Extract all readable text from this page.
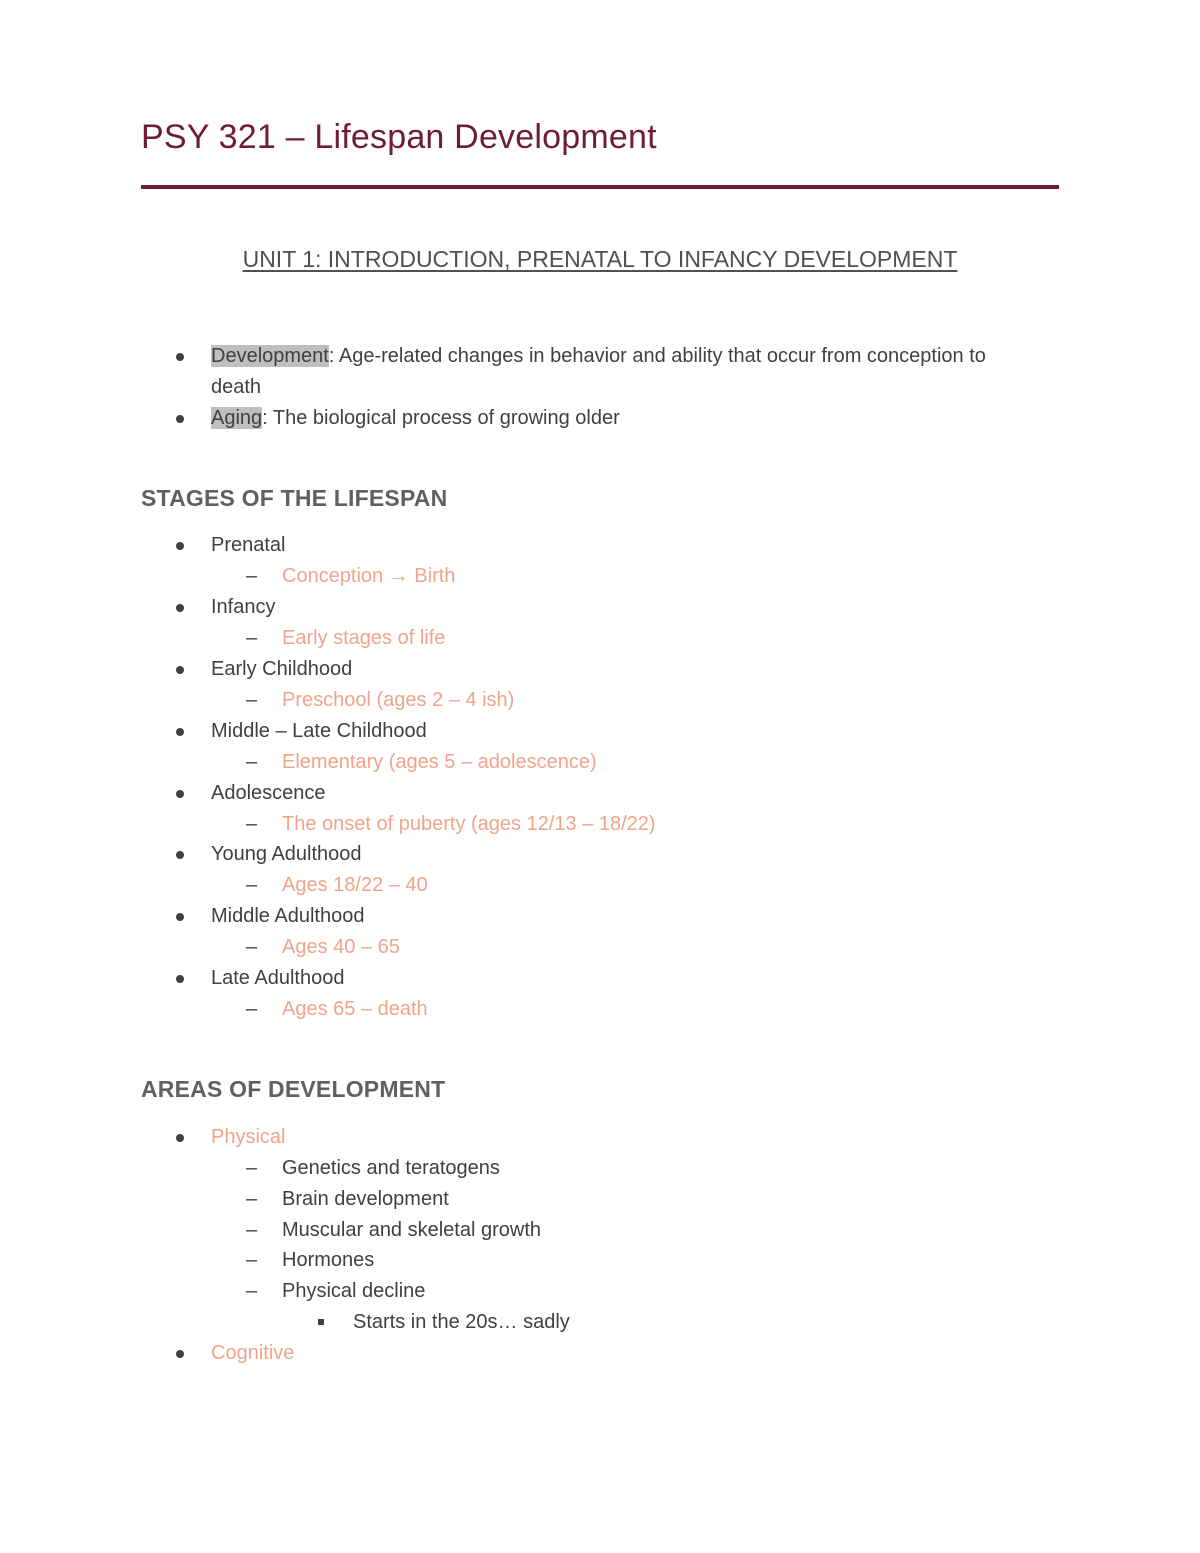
PSY 321 – Lifespan Development
UNIT 1: INTRODUCTION, PRENATAL TO INFANCY DEVELOPMENT
Development: Age-related changes in behavior and ability that occur from conception to
death
Aging: The biological process of growing older
STAGES OF THE LIFESPAN
Prenatal
– Conception → Birth
Infancy
– Early stages of life
Early Childhood
– Preschool (ages 2 – 4 ish)
Middle – Late Childhood
– Elementary (ages 5 – adolescence)
Adolescence
– The onset of puberty (ages 12/13 – 18/22)
Young Adulthood
– Ages 18/22 – 40
Middle Adulthood
– Ages 40 – 65
Late Adulthood
– Ages 65 – death
AREAS OF DEVELOPMENT
Physical
– Genetics and teratogens
– Brain development
– Muscular and skeletal growth
– Hormones
– Physical decline
Starts in the 20s… sadly
Cognitive
